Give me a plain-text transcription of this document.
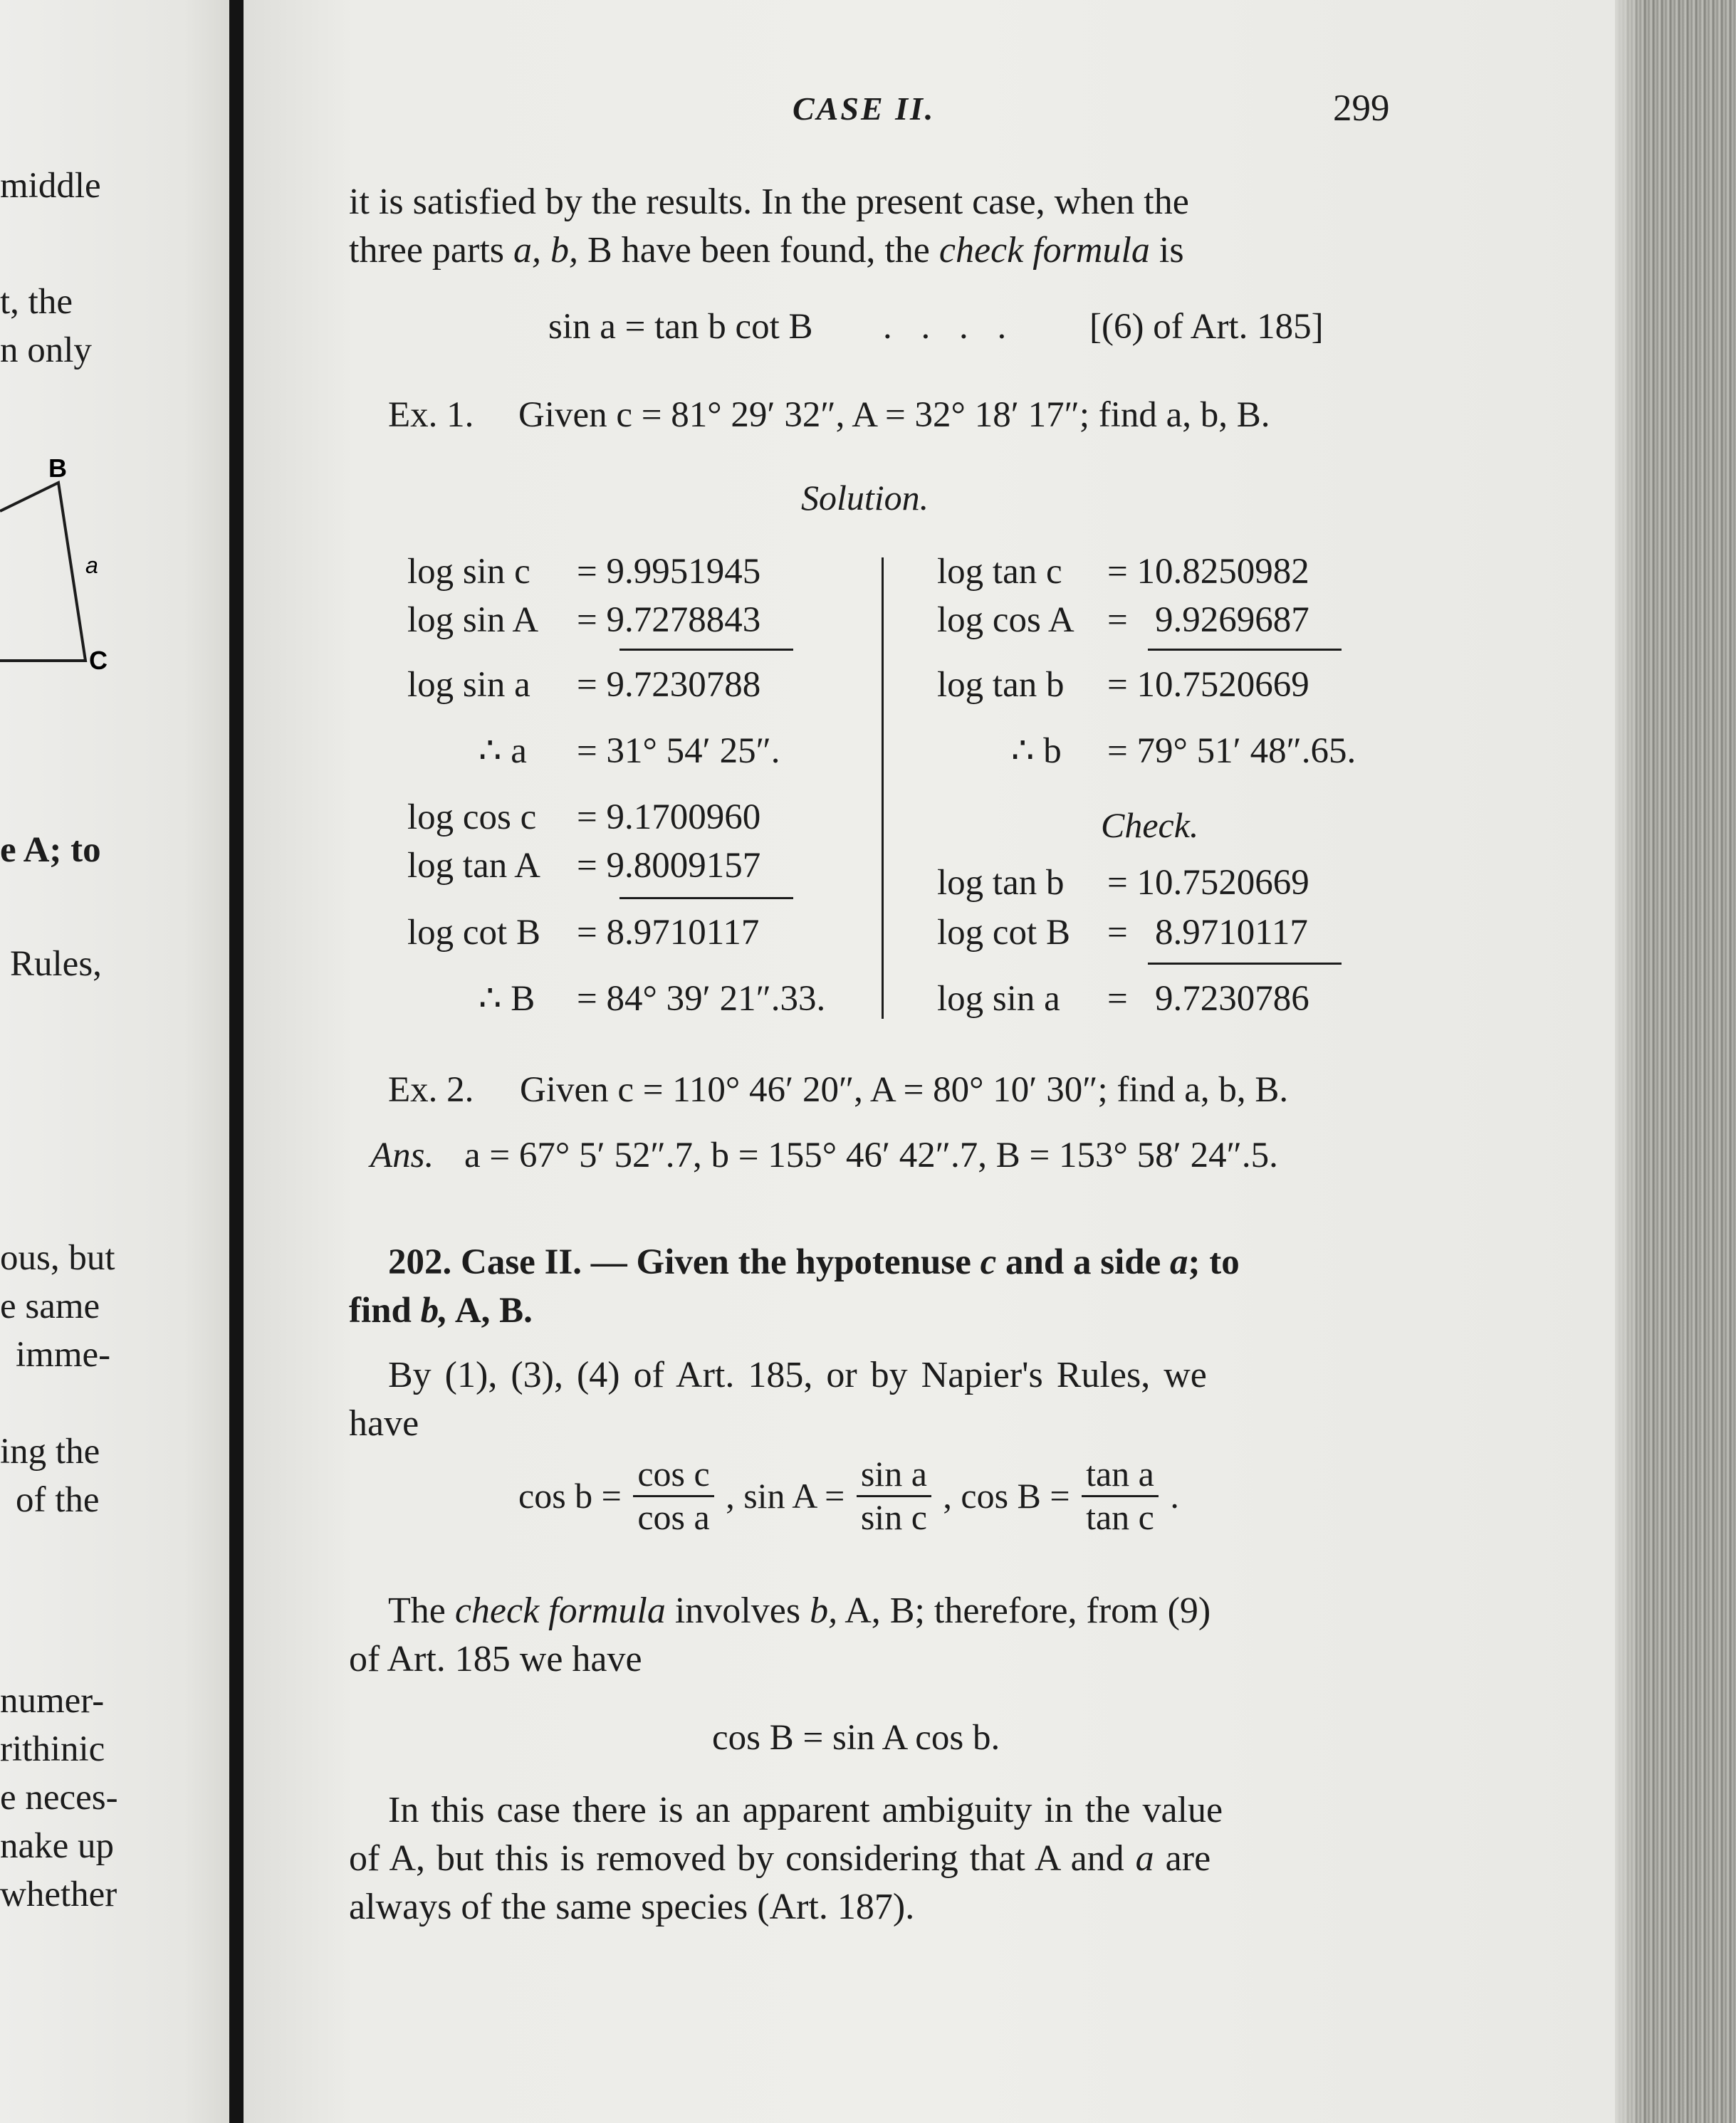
middle
t, the
n only
B
a
C
e A; to
Rules,
ous, but
e same
imme-
ing the
of the
numer-
rithinic
e neces-
nake up
whether
CASE II.	299
it is satisfied by the results. In the present case, when the
three parts a, b, B have been found, the check formula is
sin a = tan b cot B . . . . [(6) of Art. 185]
Ex. 1. Given c = 81° 29′ 32″, A = 32° 18′ 17″; find a, b, B.
Solution.
log sin c = 9.9951945
log sin A = 9.7278843
log sin a = 9.7230788
∴ a = 31° 54′ 25″.
log cos c = 9.1700960
log tan A = 9.8009157
log cot B = 8.9710117
∴ B = 84° 39′ 21″.33.
log tan c = 10.8250982
log cos A =   9.9269687
log tan b = 10.7520669
∴ b = 79° 51′ 48″.65.
Check.
log tan b = 10.7520669
log cot B =   8.9710117
log sin a =   9.7230786
Ex. 2. Given c = 110° 46′ 20″, A = 80° 10′ 30″; find a, b, B.
Ans. a = 67° 5′ 52″.7, b = 155° 46′ 42″.7, B = 153° 58′ 24″.5.
202. Case II. — Given the hypotenuse c and a side a; to
find b, A, B.
By (1), (3), (4) of Art. 185, or by Napier's Rules, we
have
$\cos b = \frac{\text{cos c}}{\text{cos a}}$ , $\sin A = \frac{\text{sin a}}{\text{sin c}}$ , $\cos B = \frac{\text{tan a}}{\text{tan c}}$ .
The check formula involves b, A, B; therefore, from (9)
of Art. 185 we have
cos B = sin A cos b.
In this case there is an apparent ambiguity in the value
of A, but this is removed by considering that A and a are
always of the same species (Art. 187).
